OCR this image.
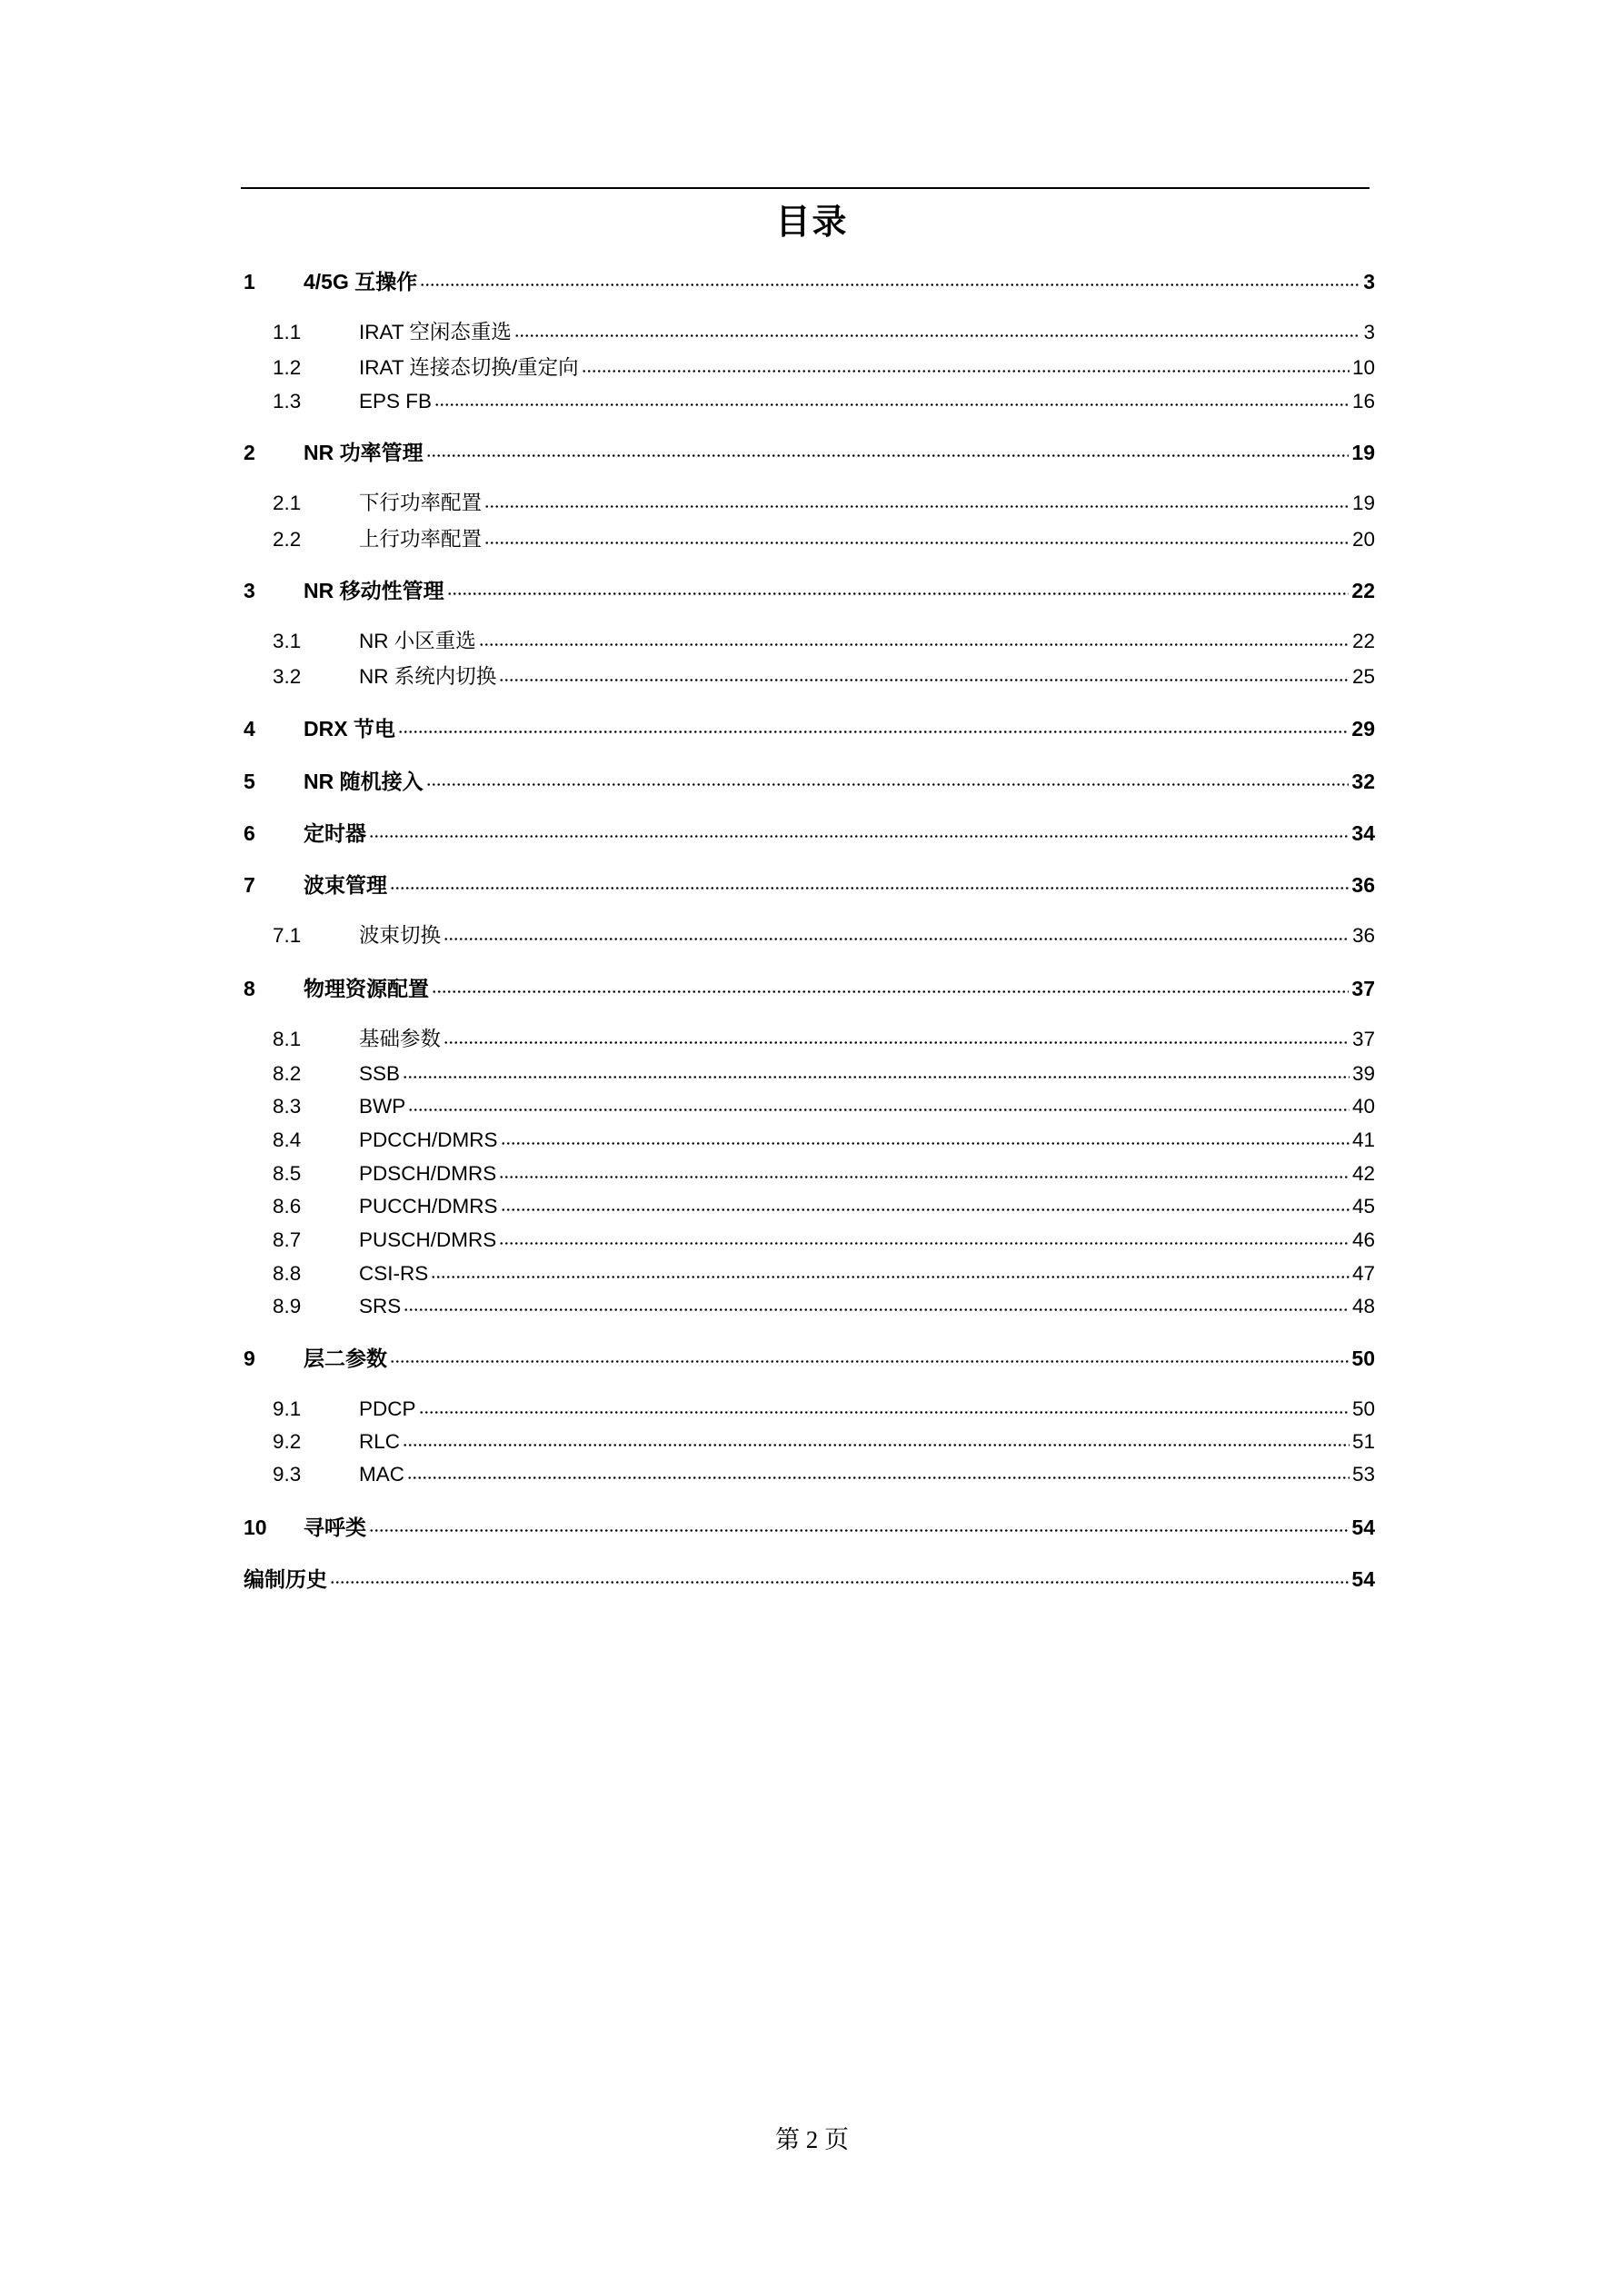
目录
1	4/5G 互操作	3
1.1	IRAT 空闲态重选	3
1.2	IRAT 连接态切换/重定向	10
1.3	EPS FB	16
2	NR 功率管理	19
2.1	下行功率配置	19
2.2	上行功率配置	20
3	NR 移动性管理	22
3.1	NR 小区重选	22
3.2	NR 系统内切换	25
4	DRX 节电	29
5	NR 随机接入	32
6	定时器	34
7	波束管理	36
7.1	波束切换	36
8	物理资源配置	37
8.1	基础参数	37
8.2	SSB	39
8.3	BWP	40
8.4	PDCCH/DMRS	41
8.5	PDSCH/DMRS	42
8.6	PUCCH/DMRS	45
8.7	PUSCH/DMRS	46
8.8	CSI-RS	47
8.9	SRS	48
9	层二参数	50
9.1	PDCP	50
9.2	RLC	51
9.3	MAC	53
10	寻呼类	54
编制历史	54
第 2 页
